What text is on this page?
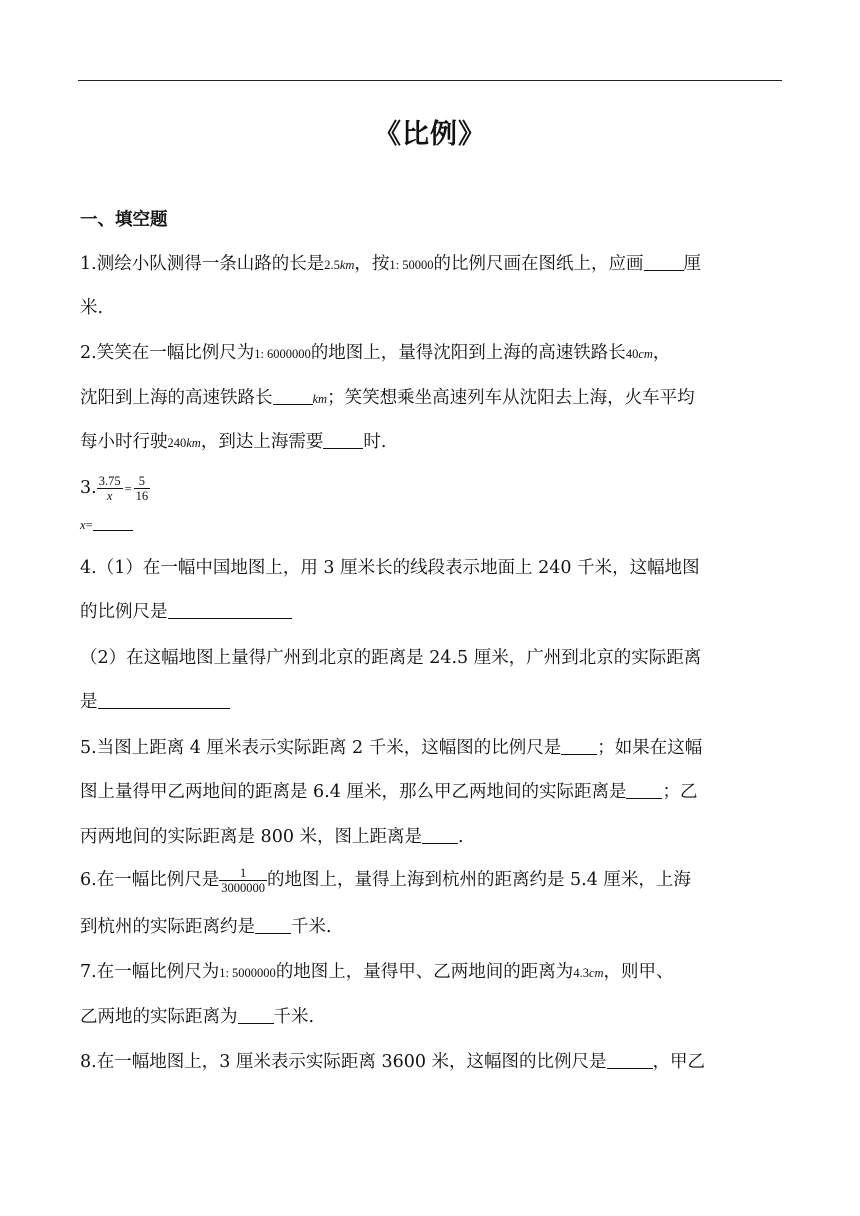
《比例》
一、填空题
1.测绘小队测得一条山路的长是2.5km，按1: 50000的比例尺画在图纸上，应画 厘
米.
2.笑笑在一幅比例尺为1: 6000000的地图上，量得沈阳到上海的高速铁路长40cm，
沈阳到上海的高速铁路长	km；笑笑想乘坐高速列车从沈阳去上海，火车平均
每小时行驶240km，到达上海需要 时.
3. $\frac{3.75}{x} = \frac{5}{16}$
x=
4.（1）在一幅中国地图上，用 3 厘米长的线段表示地面上 240 千米，这幅地图
的比例尺是
（2）在这幅地图上量得广州到北京的距离是 24.5 厘米，广州到北京的实际距离
是
5.当图上距离 4 厘米表示实际距离 2 千米，这幅图的比例尺是 ；如果在这幅
图上量得甲乙两地间的距离是 6.4 厘米，那么甲乙两地间的实际距离是 ；乙
丙两地间的实际距离是 800 米，图上距离是 .
6.在一幅比例尺是 $\frac{1}{3000000}$ 的地图上，量得上海到杭州的距离约是 5.4 厘米，上海
到杭州的实际距离约是 千米.
7.在一幅比例尺为1: 5000000的地图上，量得甲、乙两地间的距离为4.3cm，则甲、
乙两地的实际距离为 千米.
8.在一幅地图上，3 厘米表示实际距离 3600 米，这幅图的比例尺是	，甲乙
